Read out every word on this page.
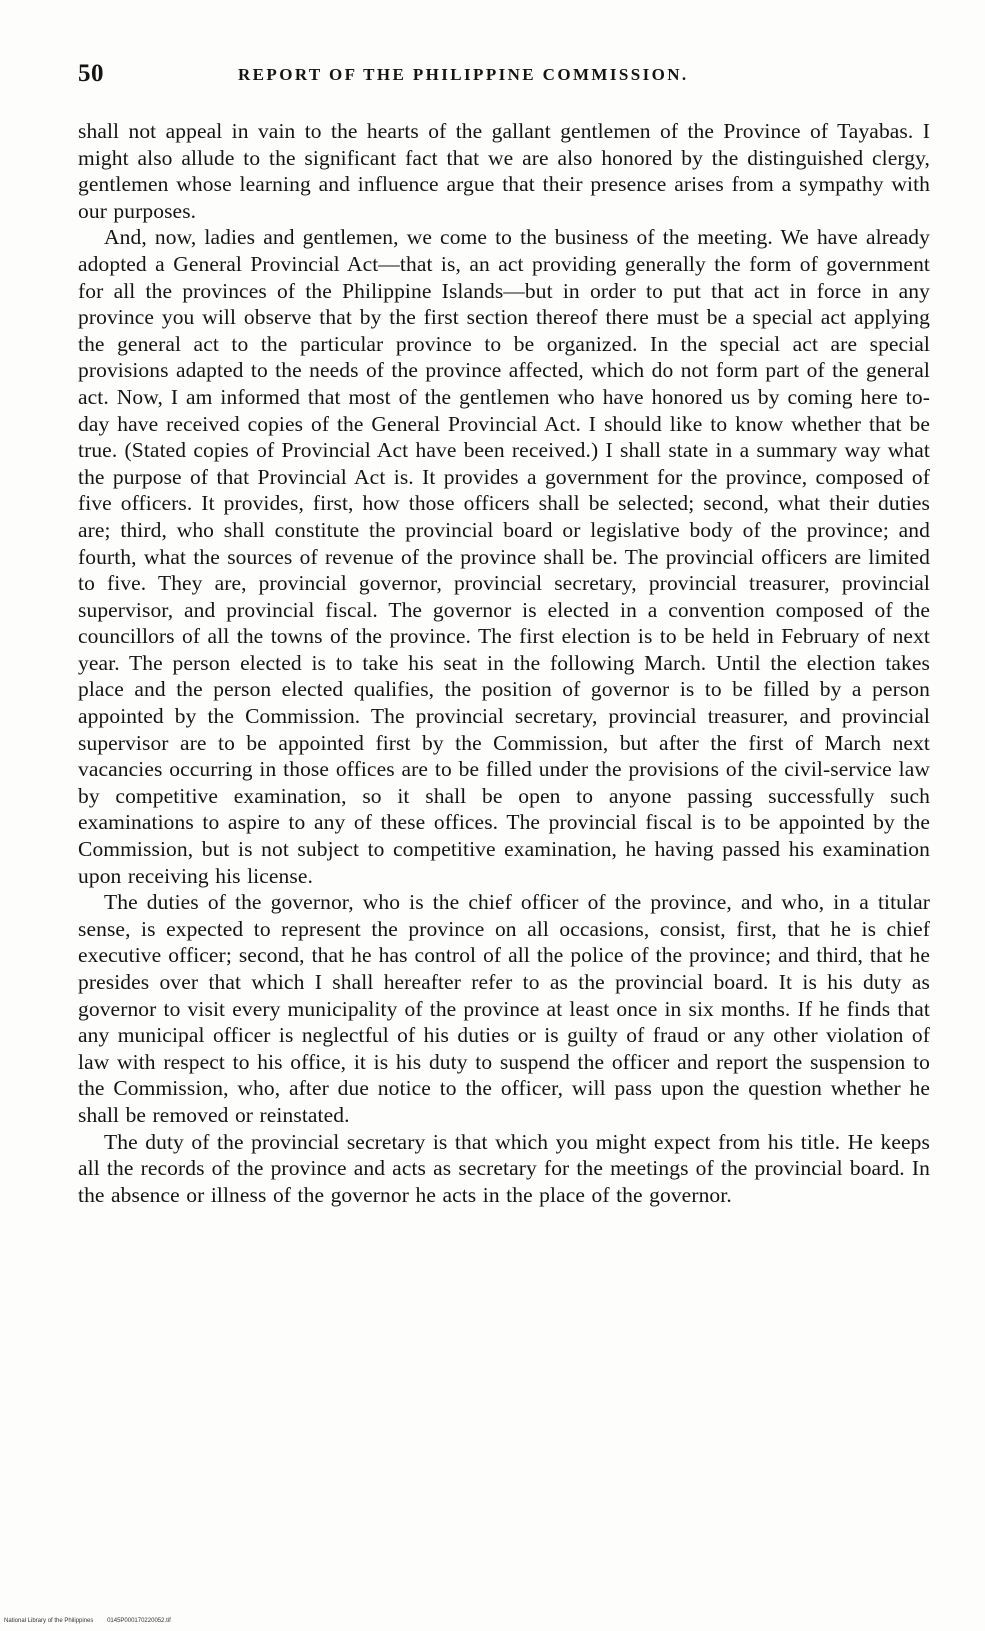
50	REPORT OF THE PHILIPPINE COMMISSION.

shall not appeal in vain to the hearts of the gallant gentlemen of the Province of Tayabas. I might also allude to the significant fact that we are also honored by the distinguished clergy, gentlemen whose learning and influence argue that their presence arises from a sympathy with our purposes.

And, now, ladies and gentlemen, we come to the business of the meeting. We have already adopted a General Provincial Act—that is, an act providing generally the form of government for all the provinces of the Philippine Islands—but in order to put that act in force in any province you will observe that by the first section thereof there must be a special act applying the general act to the particular province to be organized. In the special act are special provisions adapted to the needs of the province affected, which do not form part of the general act. Now, I am informed that most of the gentlemen who have honored us by coming here to-day have received copies of the General Provincial Act. I should like to know whether that be true. (Stated copies of Provincial Act have been received.) I shall state in a summary way what the purpose of that Provincial Act is. It provides a government for the province, composed of five officers. It provides, first, how those officers shall be selected; second, what their duties are; third, who shall constitute the provincial board or legislative body of the province; and fourth, what the sources of revenue of the province shall be. The provincial officers are limited to five. They are, provincial governor, provincial secretary, provincial treasurer, provincial supervisor, and provincial fiscal. The governor is elected in a convention composed of the councillors of all the towns of the province. The first election is to be held in February of next year. The person elected is to take his seat in the following March. Until the election takes place and the person elected qualifies, the position of governor is to be filled by a person appointed by the Commission. The provincial secretary, provincial treasurer, and provincial supervisor are to be appointed first by the Commission, but after the first of March next vacancies occurring in those offices are to be filled under the provisions of the civil-service law by competitive examination, so it shall be open to anyone passing successfully such examinations to aspire to any of these offices. The provincial fiscal is to be appointed by the Commission, but is not subject to competitive examination, he having passed his examination upon receiving his license.

The duties of the governor, who is the chief officer of the province, and who, in a titular sense, is expected to represent the province on all occasions, consist, first, that he is chief executive officer; second, that he has control of all the police of the province; and third, that he presides over that which I shall hereafter refer to as the provincial board. It is his duty as governor to visit every municipality of the province at least once in six months. If he finds that any municipal officer is neglectful of his duties or is guilty of fraud or any other violation of law with respect to his office, it is his duty to suspend the officer and report the suspension to the Commission, who, after due notice to the officer, will pass upon the question whether he shall be removed or reinstated.

The duty of the provincial secretary is that which you might expect from his title. He keeps all the records of the province and acts as secretary for the meetings of the provincial board. In the absence or illness of the governor he acts in the place of the governor.

National Library of the Philippines 0145P000170220052.tif
